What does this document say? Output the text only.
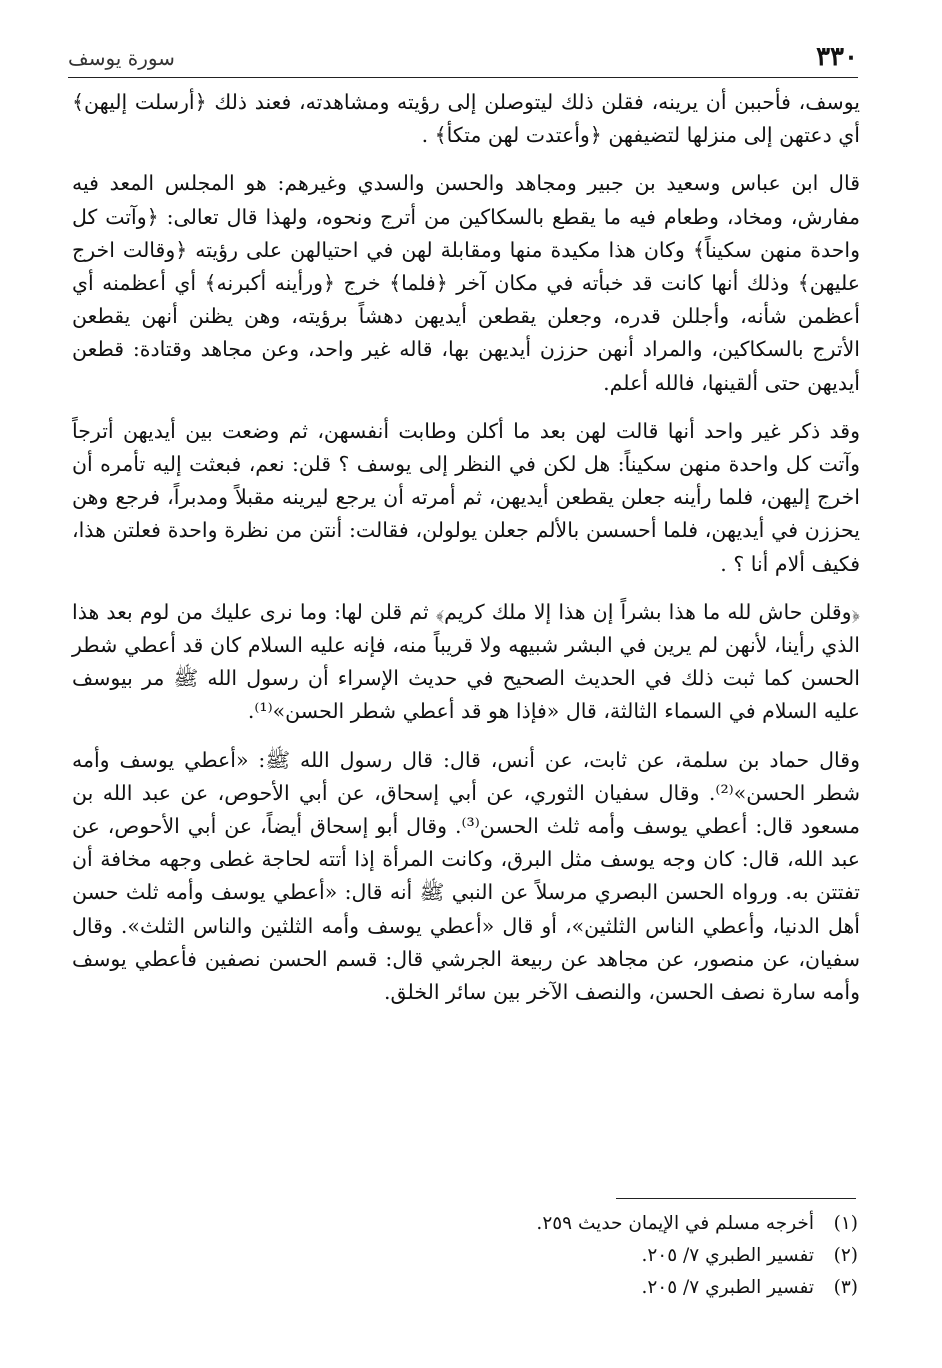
٣٣٠
سورة يوسف

يوسف، فأحببن أن يرينه، فقلن ذلك ليتوصلن إلى رؤيته ومشاهدته، فعند ذلك ﴿أرسلت إليهن﴾ أي دعتهن إلى منزلها لتضيفهن ﴿وأعتدت لهن متكأ﴾ .

قال ابن عباس وسعيد بن جبير ومجاهد والحسن والسدي وغيرهم: هو المجلس المعد فيه مفارش، ومخاد، وطعام فيه ما يقطع بالسكاكين من أترج ونحوه، ولهذا قال تعالى: ﴿وآتت كل واحدة منهن سكيناً﴾ وكان هذا مكيدة منها ومقابلة لهن في احتيالهن على رؤيته ﴿وقالت اخرج عليهن﴾ وذلك أنها كانت قد خبأته في مكان آخر ﴿فلما﴾ خرج ﴿ورأينه أكبرنه﴾ أي أعظمنه أي أعظمن شأنه، وأجللن قدره، وجعلن يقطعن أيديهن دهشاً برؤيته، وهن يظنن أنهن يقطعن الأترج بالسكاكين، والمراد أنهن حززن أيديهن بها، قاله غير واحد، وعن مجاهد وقتادة: قطعن أيديهن حتى ألقينها، فالله أعلم.

وقد ذكر غير واحد أنها قالت لهن بعد ما أكلن وطابت أنفسهن، ثم وضعت بين أيديهن أترجاً وآتت كل واحدة منهن سكيناً: هل لكن في النظر إلى يوسف ؟ قلن: نعم، فبعثت إليه تأمره أن اخرج إليهن، فلما رأينه جعلن يقطعن أيديهن، ثم أمرته أن يرجع ليرينه مقبلاً ومدبراً، فرجع وهن يحززن في أيديهن، فلما أحسسن بالألم جعلن يولولن، فقالت: أنتن من نظرة واحدة فعلتن هذا، فكيف ألام أنا ؟ .

﴿وقلن حاش لله ما هذا بشراً إن هذا إلا ملك كريم﴾ ثم قلن لها: وما نرى عليك من لوم بعد هذا الذي رأينا، لأنهن لم يرين في البشر شبيهه ولا قريباً منه، فإنه عليه السلام كان قد أعطي شطر الحسن كما ثبت ذلك في الحديث الصحيح في حديث الإسراء أن رسول الله ﷺ مر بيوسف عليه السلام في السماء الثالثة، قال «فإذا هو قد أعطي شطر الحسن»⁽¹⁾.

وقال حماد بن سلمة، عن ثابت، عن أنس، قال: قال رسول الله ﷺ: «أعطي يوسف وأمه شطر الحسن»⁽²⁾. وقال سفيان الثوري، عن أبي إسحاق، عن أبي الأحوص، عن عبد الله بن مسعود قال: أعطي يوسف وأمه ثلث الحسن⁽³⁾. وقال أبو إسحاق أيضاً، عن أبي الأحوص، عن عبد الله، قال: كان وجه يوسف مثل البرق، وكانت المرأة إذا أتته لحاجة غطى وجهه مخافة أن تفتتن به. ورواه الحسن البصري مرسلاً عن النبي ﷺ أنه قال: «أعطي يوسف وأمه ثلث حسن أهل الدنيا، وأعطي الناس الثلثين»، أو قال «أعطي يوسف وأمه الثلثين والناس الثلث». وقال سفيان، عن منصور، عن مجاهد عن ربيعة الجرشي قال: قسم الحسن نصفين فأعطي يوسف وأمه سارة نصف الحسن، والنصف الآخر بين سائر الخلق.

(١)
أخرجه مسلم في الإيمان حديث ٢٥٩.
(٢)
تفسير الطبري ٧/ ٢٠٥.
(٣)
تفسير الطبري ٧/ ٢٠٥.
